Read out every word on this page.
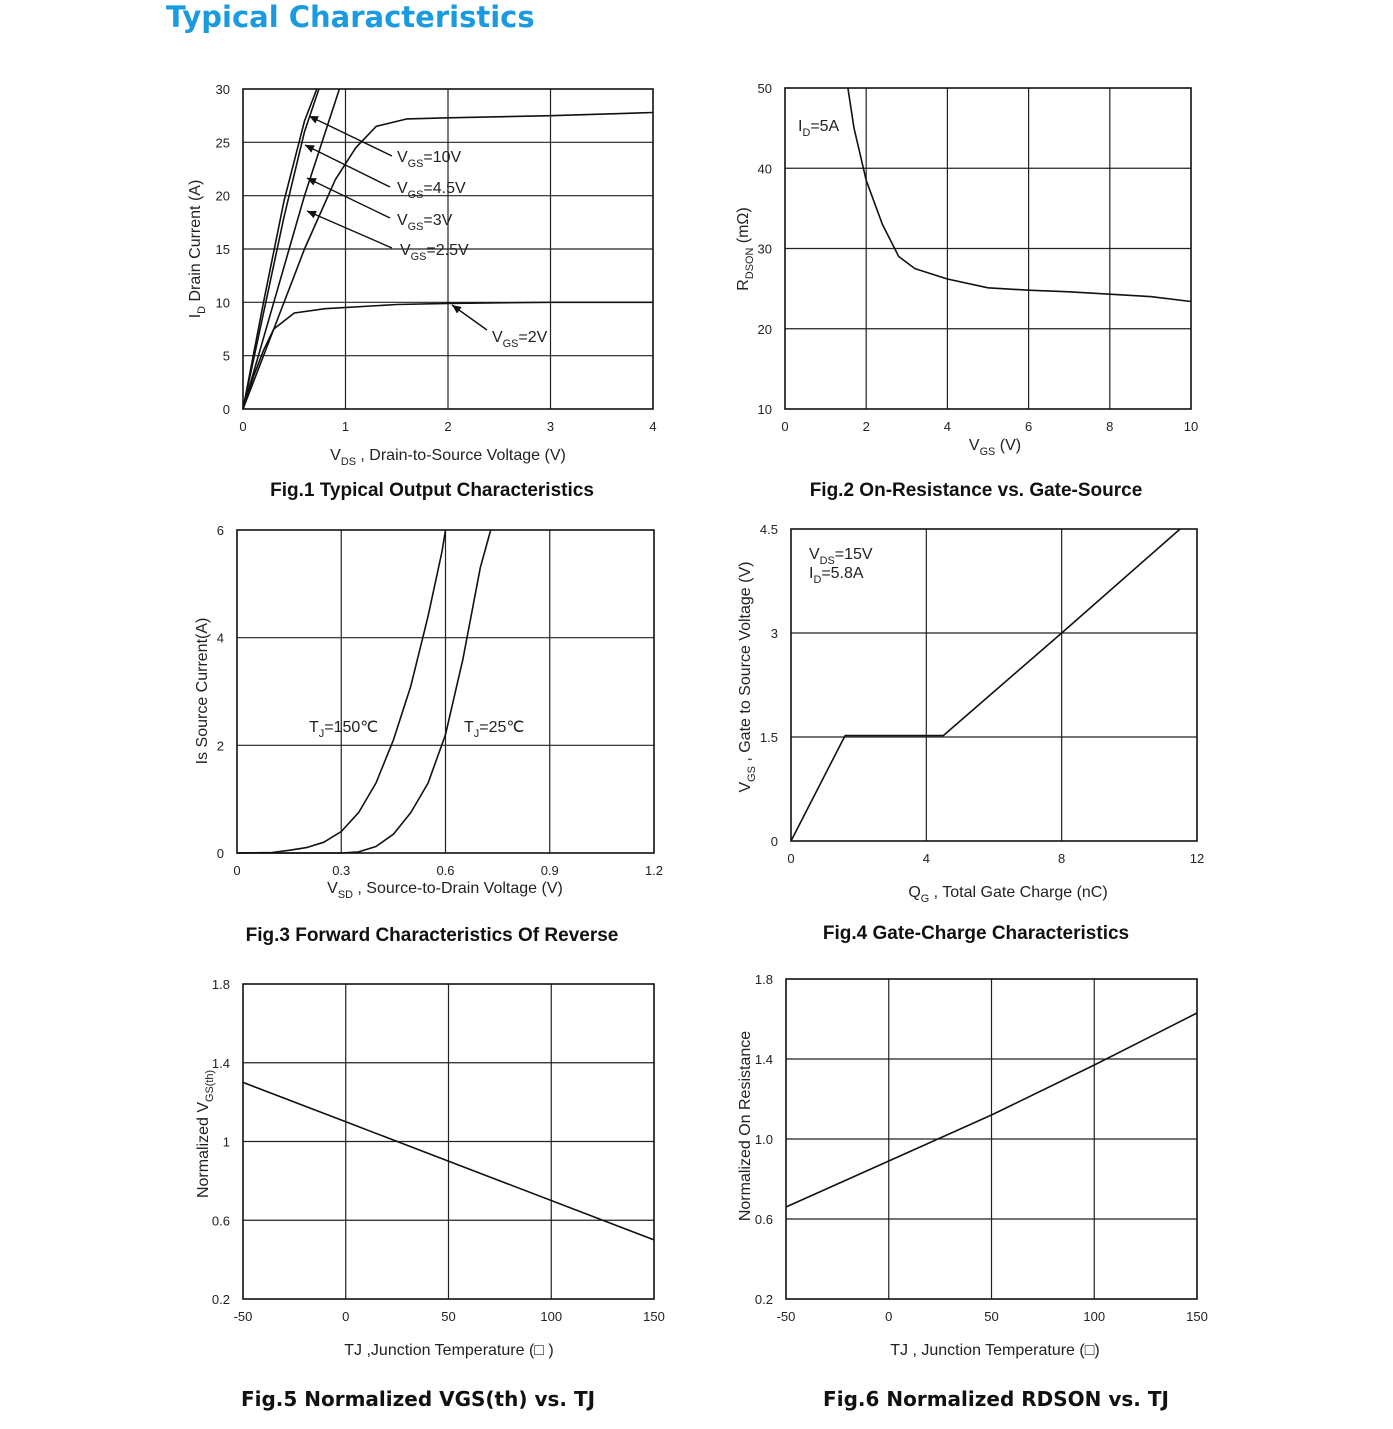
Typical Characteristics
0	1	2	3	4
0
5
10
15
20
25
30
$V_{DS}$ , Drain-to-Source Voltage (V)
$I_D$ Drain Current (A)
0	2	4	6	8	10
10
20
30
40
50
$V_{GS}$ (V)
$R_{DSON}$ (mΩ)
0	0.3	0.6	0.9	1.2
0
2
4
6
$V_{SD}$ , Source-to-Drain Voltage (V)
Is Source Current(A)
0	4	8	12
0
1.5
3
4.5
$Q_G$ , Total Gate Charge (nC)
$V_{GS}$ , Gate to Source Voltage (V)
-50	0	50	100	150
0.2
0.6
1
1.4
1.8
TJ ,Junction Temperature (□ )
Normalized $V_{GS(th)}$
-50	0	50	100	150
0.2
0.6
1.0
1.4
1.8
TJ , Junction Temperature (□)
Normalized On Resistance
$V_{GS}=10V$
$V_{GS}=4.5V$
$V_{GS}=3V$
$V_{GS}=2.5V$
$V_{GS}=2V$
$I_D=5A$
$T_J=150℃$	$T_J=25℃$
$V_{DS}=15V$
$I_D=5.8A$
Fig.1 Typical Output Characteristics	Fig.2 On-Resistance vs. Gate-Source
Fig.3 Forward Characteristics Of Reverse	Fig.4 Gate-Charge Characteristics
Fig.5 Normalized VGS(th) vs. TJ	Fig.6 Normalized RDSON vs. TJ
